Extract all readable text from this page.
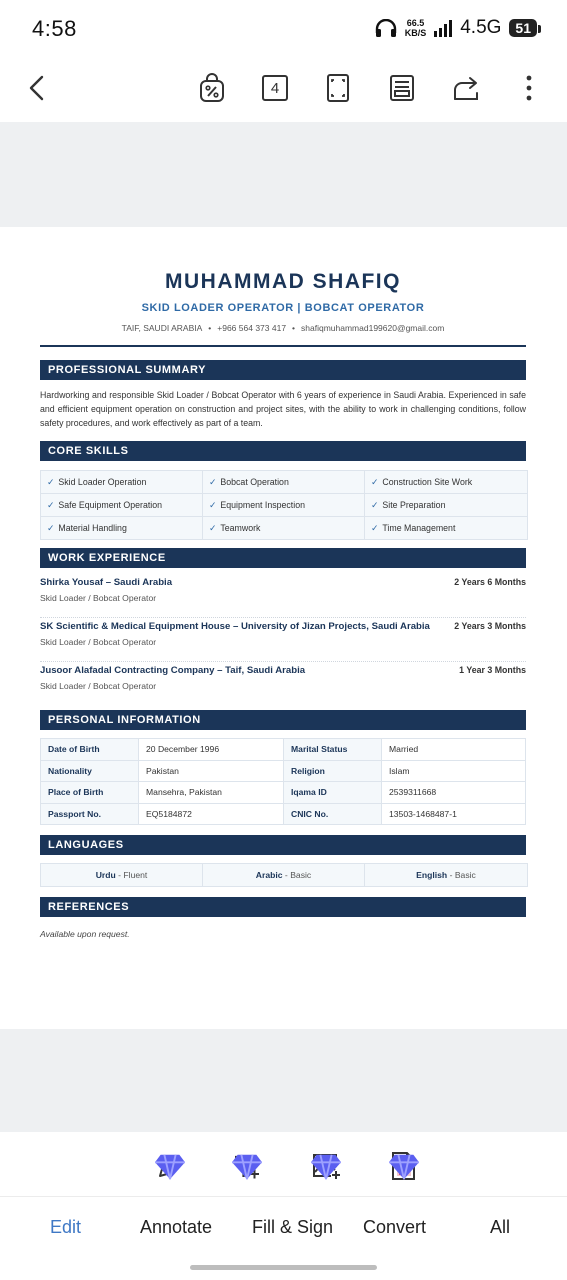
4:58	66.5
KB/S 4.5G	51
4
MUHAMMAD SHAFIQ
SKID LOADER OPERATOR | BOBCAT OPERATOR
TAIF, SAUDI ARABIA • +966 564 373 417 • shafiqmuhammad199620@gmail.com
PROFESSIONAL SUMMARY
Hardworking and responsible Skid Loader / Bobcat Operator with 6 years of experience in Saudi Arabia. Experienced in safe and efficient equipment operation on construction and project sites, with the ability to work in challenging conditions, follow safety procedures, and work effectively as part of a team.
CORE SKILLS
✓ Skid Loader Operation	✓ Bobcat Operation	✓ Construction Site Work
✓ Safe Equipment Operation	✓ Equipment Inspection	✓ Site Preparation
✓ Material Handling	✓ Teamwork	✓ Time Management
WORK EXPERIENCE
Shirka Yousaf – Saudi Arabia	2 Years 6 Months
Skid Loader / Bobcat Operator
SK Scientific & Medical Equipment House – University of Jizan Projects, Saudi Arabia	2 Years 3 Months
Skid Loader / Bobcat Operator
Jusoor Alafadal Contracting Company – Taif, Saudi Arabia	1 Year 3 Months
Skid Loader / Bobcat Operator
PERSONAL INFORMATION
Date of Birth	20 December 1996	Marital Status	Married
Nationality	Pakistan	Religion	Islam
Place of Birth	Mansehra, Pakistan	Iqama ID	2539311668
Passport No.	EQ5184872	CNIC No.	13503-1468487-1
LANGUAGES
Urdu - Fluent	Arabic - Basic	English - Basic
REFERENCES
Available upon request.
Edit	Annotate Fill & Sign Convert	All
